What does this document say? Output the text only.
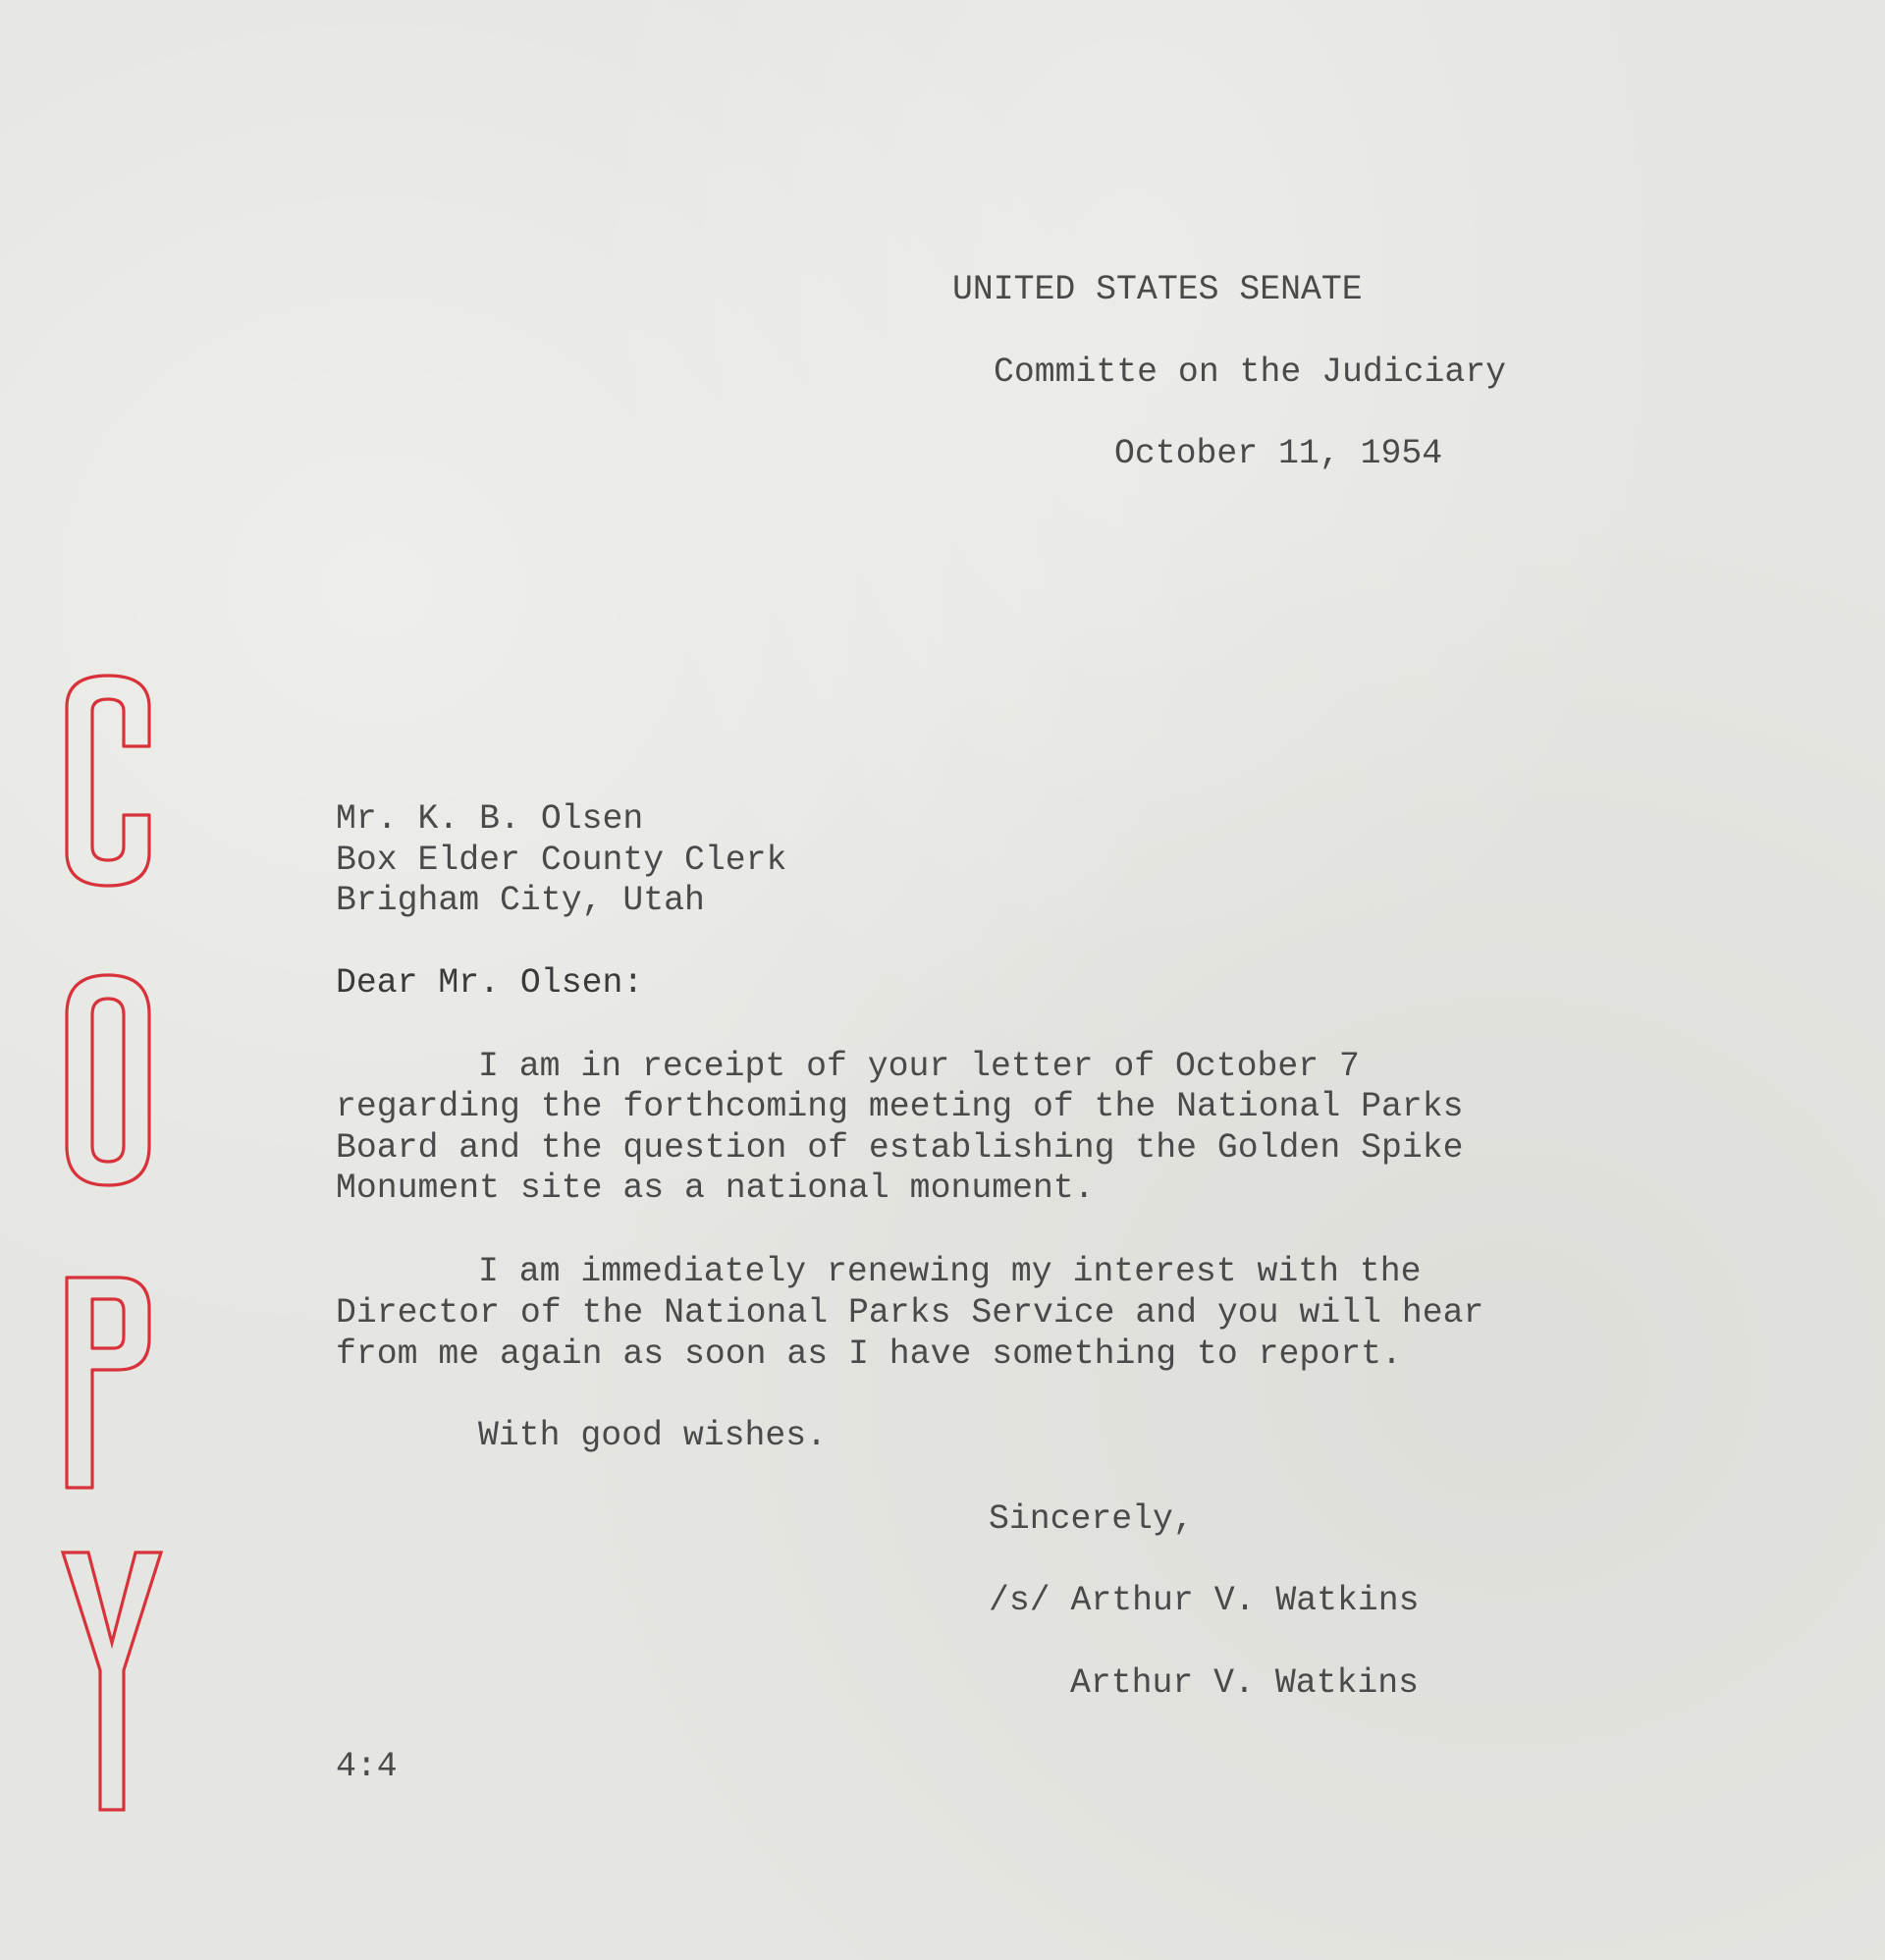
UNITED STATES SENATE
Committe on the Judiciary
October 11, 1954
Mr. K. B. Olsen
Box Elder County Clerk
Brigham City, Utah
Dear Mr. Olsen:
I am in receipt of your letter of October 7
regarding the forthcoming meeting of the National Parks
Board and the question of establishing the Golden Spike
Monument site as a national monument.
I am immediately renewing my interest with the
Director of the National Parks Service and you will hear
from me again as soon as I have something to report.
With good wishes.
Sincerely,
/s/ Arthur V. Watkins
Arthur V. Watkins
4:4
